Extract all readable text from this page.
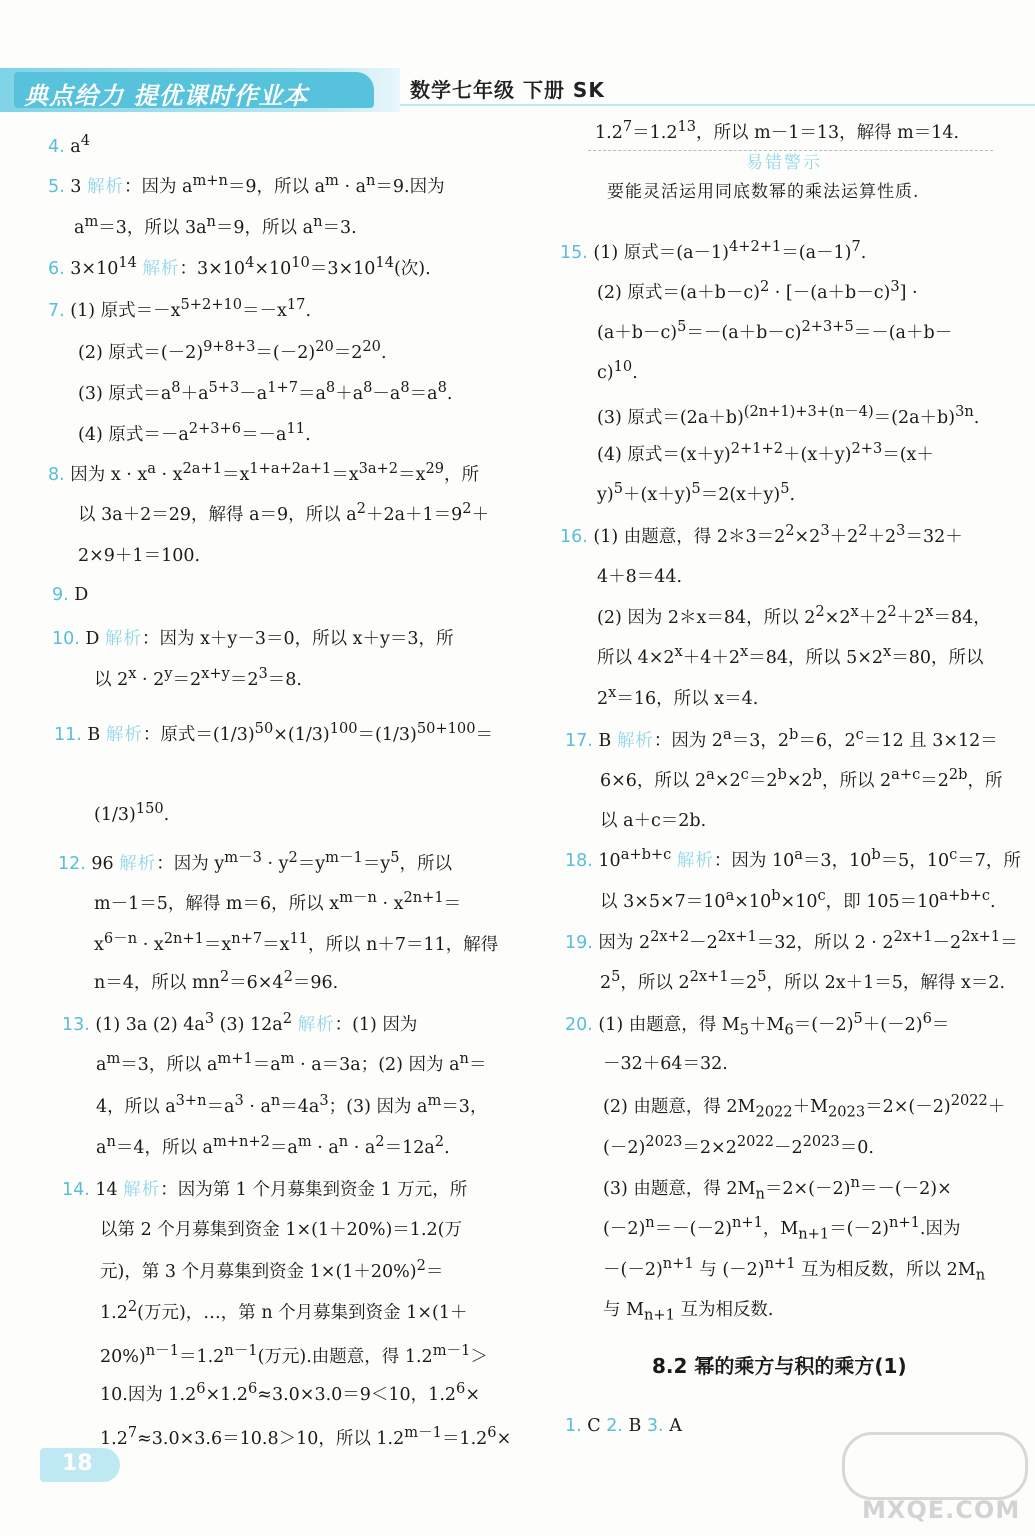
典点给力 提优课时作业本	数学七年级 下册 SK
易错警示
要能灵活运用同底数幂的乘法运算性质.
8.2 幂的乘方与积的乘方(1)
18
MXQE.COM
4. $a^4$
5. 3 解析：因为 $a^{m+n}=9$，所以 $a^m \cdot a^n=9$.因为
$a^m=3$，所以 $3a^n=9$，所以 $a^n=3$.
6. $3\times 10^{14}$ 解析：$3\times 10^4\times 10^{10}=3\times 10^{14}$(次).
7. (1) 原式$=-x^{5+2+10}=-x^{17}$.
(2) 原式$=(-2)^{9+8+3}=(-2)^{20}=2^{20}$.
(3) 原式$=a^8+a^{5+3}-a^{1+7}=a^8+a^8-a^8=a^8$.
(4) 原式$=-a^{2+3+6}=-a^{11}$.
8. 因为 $x \cdot x^a \cdot x^{2a+1}=x^{1+a+2a+1}=x^{3a+2}=x^{29}$，所
以 3a＋2＝29，解得 a＝9，所以 $a^2+2a+1=9^2+$
2×9＋1＝100.
9. D
10. D 解析：因为 x＋y－3＝0，所以 x＋y＝3，所
以 $2^x \cdot 2^y=2^{x+y}=2^3=8$.
11. B 解析：原式$=(1/3)^{50}\times(1/3)^{100}=(1/3)^{50+100}=$
$(1/3)^{150}$.
12. 96 解析：因为 $y^{m-3} \cdot y^2=y^{m-1}=y^5$，所以
m－1＝5，解得 m＝6，所以 $x^{m-n} \cdot x^{2n+1}=$
$x^{6-n} \cdot x^{2n+1}=x^{n+7}=x^{11}$，所以 n＋7＝11，解得
n＝4，所以 $mn^2=6\times 4^2=96$.
13. (1) 3a (2) $4a^3$ (3) $12a^2$ 解析：(1) 因为
$a^m=3$，所以 $a^{m+1}=a^m \cdot a=3a$；(2) 因为 $a^n=$
4，所以 $a^{3+n}=a^3 \cdot a^n=4a^3$；(3) 因为 $a^m=3$，
$a^n=4$，所以 $a^{m+n+2}=a^m \cdot a^n \cdot a^2=12a^2$.
14. 14 解析：因为第 1 个月募集到资金 1 万元，所
以第 2 个月募集到资金 1×(1＋20%)＝1.2(万
元)，第 3 个月募集到资金 $1\times(1+20\%)^2=$
$1.2^2$(万元)，…，第 n 个月募集到资金 1×(1＋
$20\%)^{n-1}=1.2^{n-1}$(万元).由题意，得 $1.2^{m-1}>$
10.因为 $1.2^6\times 1.2^6\approx 3.0\times 3.0=9<10$，$1.2^6\times$
$1.2^7\approx 3.0\times 3.6=10.8>10$，所以 $1.2^{m-1}=1.2^6\times$
$1.2^7=1.2^{13}$，所以 m－1＝13，解得 m＝14.
15. (1) 原式$=(a-1)^{4+2+1}=(a-1)^7$.
(2) 原式$=(a+b-c)^2 \cdot [-(a+b-c)^3]$ ·
$(a+b-c)^5=-(a+b-c)^{2+3+5}=-(a+b-$
c)$^{10}$.
(3) 原式$=(2a+b)^{(2n+1)+3+(n-4)}=(2a+b)^{3n}$.
(4) 原式$=(x+y)^{2+1+2}+(x+y)^{2+3}=(x+$
$y)^5+(x+y)^5=2(x+y)^5$.
16. (1) 由题意，得 $2*3=2^2\times 2^3+2^2+2^3=32+$
4＋8＝44.
(2) 因为 2＊x＝84，所以 $2^2\times 2^x+2^2+2^x=84$，
所以 $4\times 2^x+4+2^x=84$，所以 $5\times 2^x=80$，所以
$2^x=16$，所以 x＝4.
17. B 解析：因为 $2^a=3$，$2^b=6$，$2^c=12$ 且 3×12＝
6×6，所以 $2^a\times 2^c=2^b\times 2^b$，所以 $2^{a+c}=2^{2b}$，所
以 a＋c＝2b.
18. $10^{a+b+c}$ 解析：因为 $10^a=3$，$10^b=5$，$10^c=7$，所
以 $3\times 5\times 7=10^a\times 10^b\times 10^c$，即 $105=10^{a+b+c}$.
19. 因为 $2^{2x+2}-2^{2x+1}=32$，所以 $2 \cdot 2^{2x+1}-2^{2x+1}=$
$2^5$，所以 $2^{2x+1}=2^5$，所以 2x＋1＝5，解得 x＝2.
20. (1) 由题意，得 $M_5+M_6=(-2)^5+(-2)^6=$
－32＋64＝32.
(2) 由题意，得 $2M_{2022}+M_{2023}=2\times(-2)^{2022}+$
$(-2)^{2023}=2\times 2^{2022}-2^{2023}=0$.
(3) 由题意，得 $2M_n=2\times(-2)^n=-(-2)\times$
$(-2)^n=-(-2)^{n+1}$，$M_{n+1}=(-2)^{n+1}$.因为
$-(-2)^{n+1}$ 与 $(-2)^{n+1}$ 互为相反数，所以 $2M_n$
与 $M_{n+1}$ 互为相反数.
1. C 2. B 3. A
